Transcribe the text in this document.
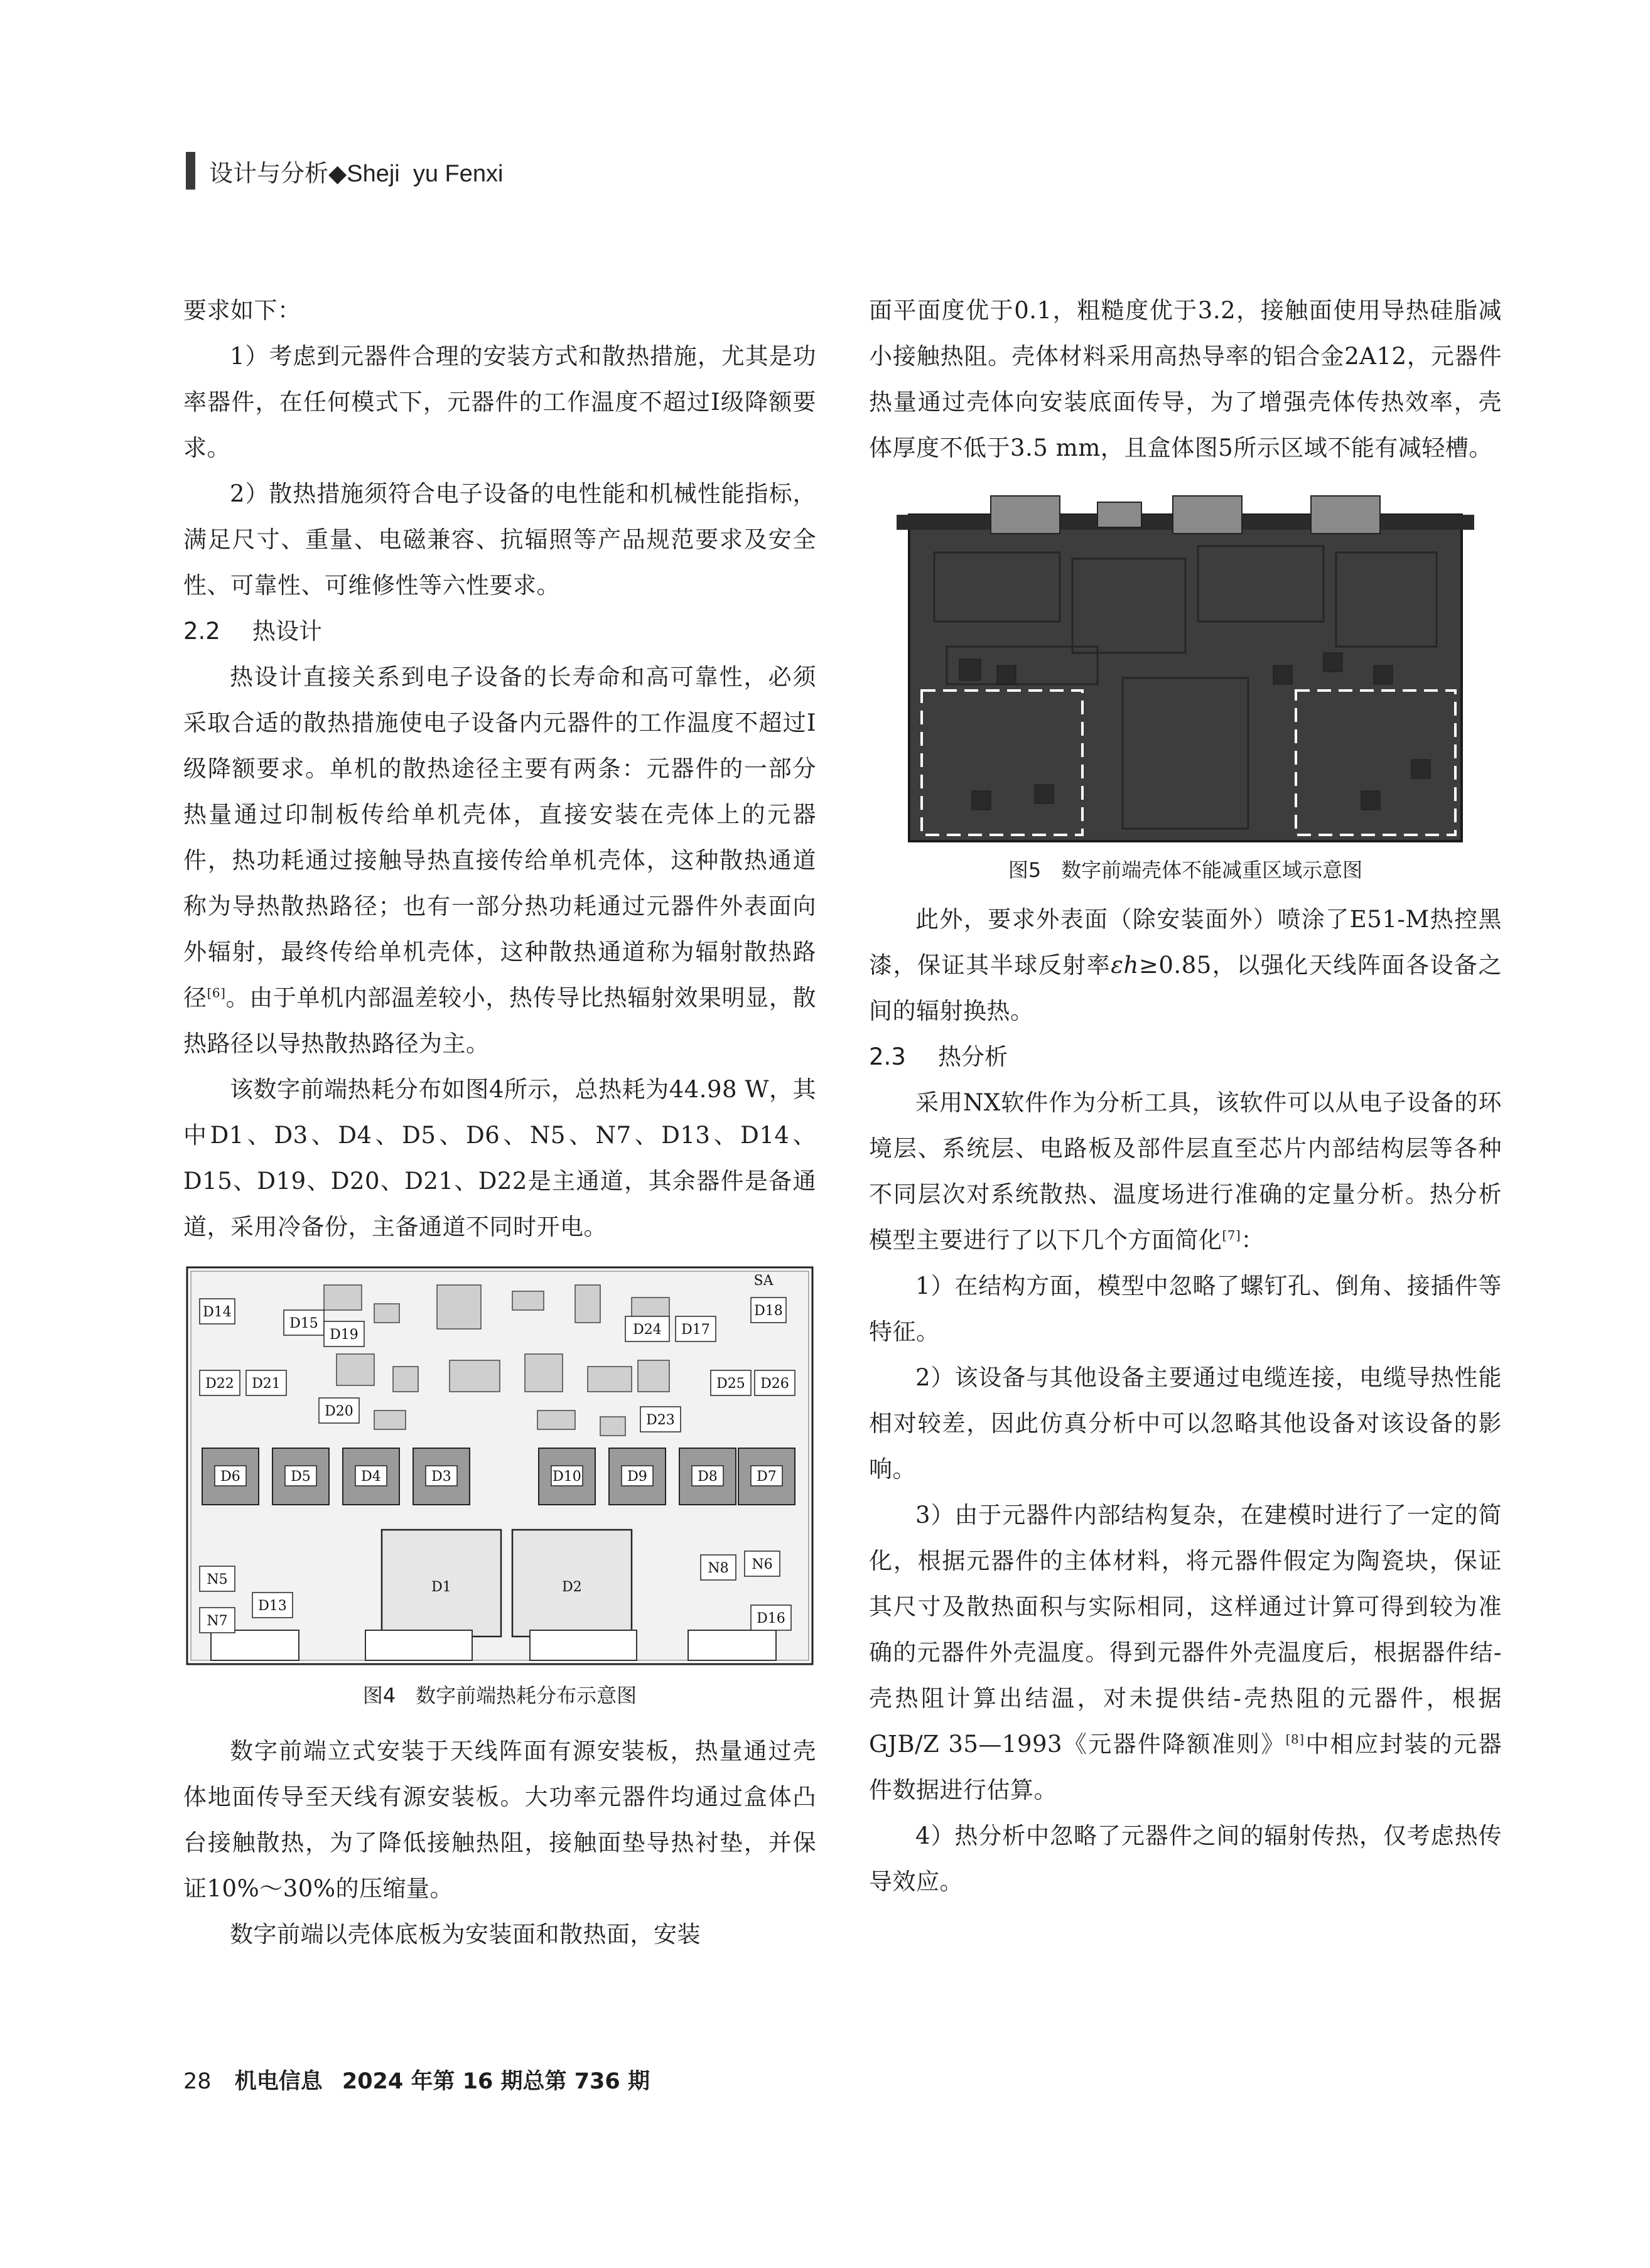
设计与分析◆Sheji  yu Fenxi

要求如下：

1）考虑到元器件合理的安装方式和散热措施，尤其是功率器件，在任何模式下，元器件的工作温度不超过Ⅰ级降额要求。

2）散热措施须符合电子设备的电性能和机械性能指标，满足尺寸、重量、电磁兼容、抗辐照等产品规范要求及安全性、可靠性、可维修性等六性要求。

2.2 热设计

热设计直接关系到电子设备的长寿命和高可靠性，必须采取合适的散热措施使电子设备内元器件的工作温度不超过Ⅰ级降额要求。单机的散热途径主要有两条：元器件的一部分热量通过印制板传给单机壳体，直接安装在壳体上的元器件，热功耗通过接触导热直接传给单机壳体，这种散热通道称为导热散热路径；也有一部分热功耗通过元器件外表面向外辐射，最终传给单机壳体，这种散热通道称为辐射散热路径[6]。由于单机内部温差较小，热传导比热辐射效果明显，散热路径以导热散热路径为主。

该数字前端热耗分布如图4所示，总热耗为44.98 W，其中D1、D3、D4、D5、D6、N5、N7、D13、D14、D15、D19、D20、D21、D22是主通道，其余器件是备通道，采用冷备份，主备通道不同时开电。

SA
D14
D15
D19	D24 D17
D18
D22 D21
D20
D25 D26
D23
D6	D5	D4	D3	D10	D9	D8	D7
N5
N8 N6
D13
N7
D1	D2
D16

图4　数字前端热耗分布示意图

数字前端立式安装于天线阵面有源安装板，热量通过壳体地面传导至天线有源安装板。大功率元器件均通过盒体凸台接触散热，为了降低接触热阻，接触面垫导热衬垫，并保证10%～30%的压缩量。

数字前端以壳体底板为安装面和散热面，安装

面平面度优于0.1，粗糙度优于3.2，接触面使用导热硅脂减小接触热阻。壳体材料采用高热导率的铝合金2A12，元器件热量通过壳体向安装底面传导，为了增强壳体传热效率，壳体厚度不低于3.5 mm，且盒体图5所示区域不能有减轻槽。

图5　数字前端壳体不能减重区域示意图

此外，要求外表面（除安装面外）喷涂了E51-M热控黑漆，保证其半球反射率εh≥0.85，以强化天线阵面各设备之间的辐射换热。

2.3 热分析

采用NX软件作为分析工具，该软件可以从电子设备的环境层、系统层、电路板及部件层直至芯片内部结构层等各种不同层次对系统散热、温度场进行准确的定量分析。热分析模型主要进行了以下几个方面简化[7]：

1）在结构方面，模型中忽略了螺钉孔、倒角、接插件等特征。

2）该设备与其他设备主要通过电缆连接，电缆导热性能相对较差，因此仿真分析中可以忽略其他设备对该设备的影响。

3）由于元器件内部结构复杂，在建模时进行了一定的简化，根据元器件的主体材料，将元器件假定为陶瓷块，保证其尺寸及散热面积与实际相同，这样通过计算可得到较为准确的元器件外壳温度。得到元器件外壳温度后，根据器件结-壳热阻计算出结温，对未提供结-壳热阻的元器件，根据GJB/Z 35—1993《元器件降额准则》[8]中相应封装的元器件数据进行估算。

4）热分析中忽略了元器件之间的辐射传热，仅考虑热传导效应。

28 机电信息 2024 年第 16 期总第 736 期
